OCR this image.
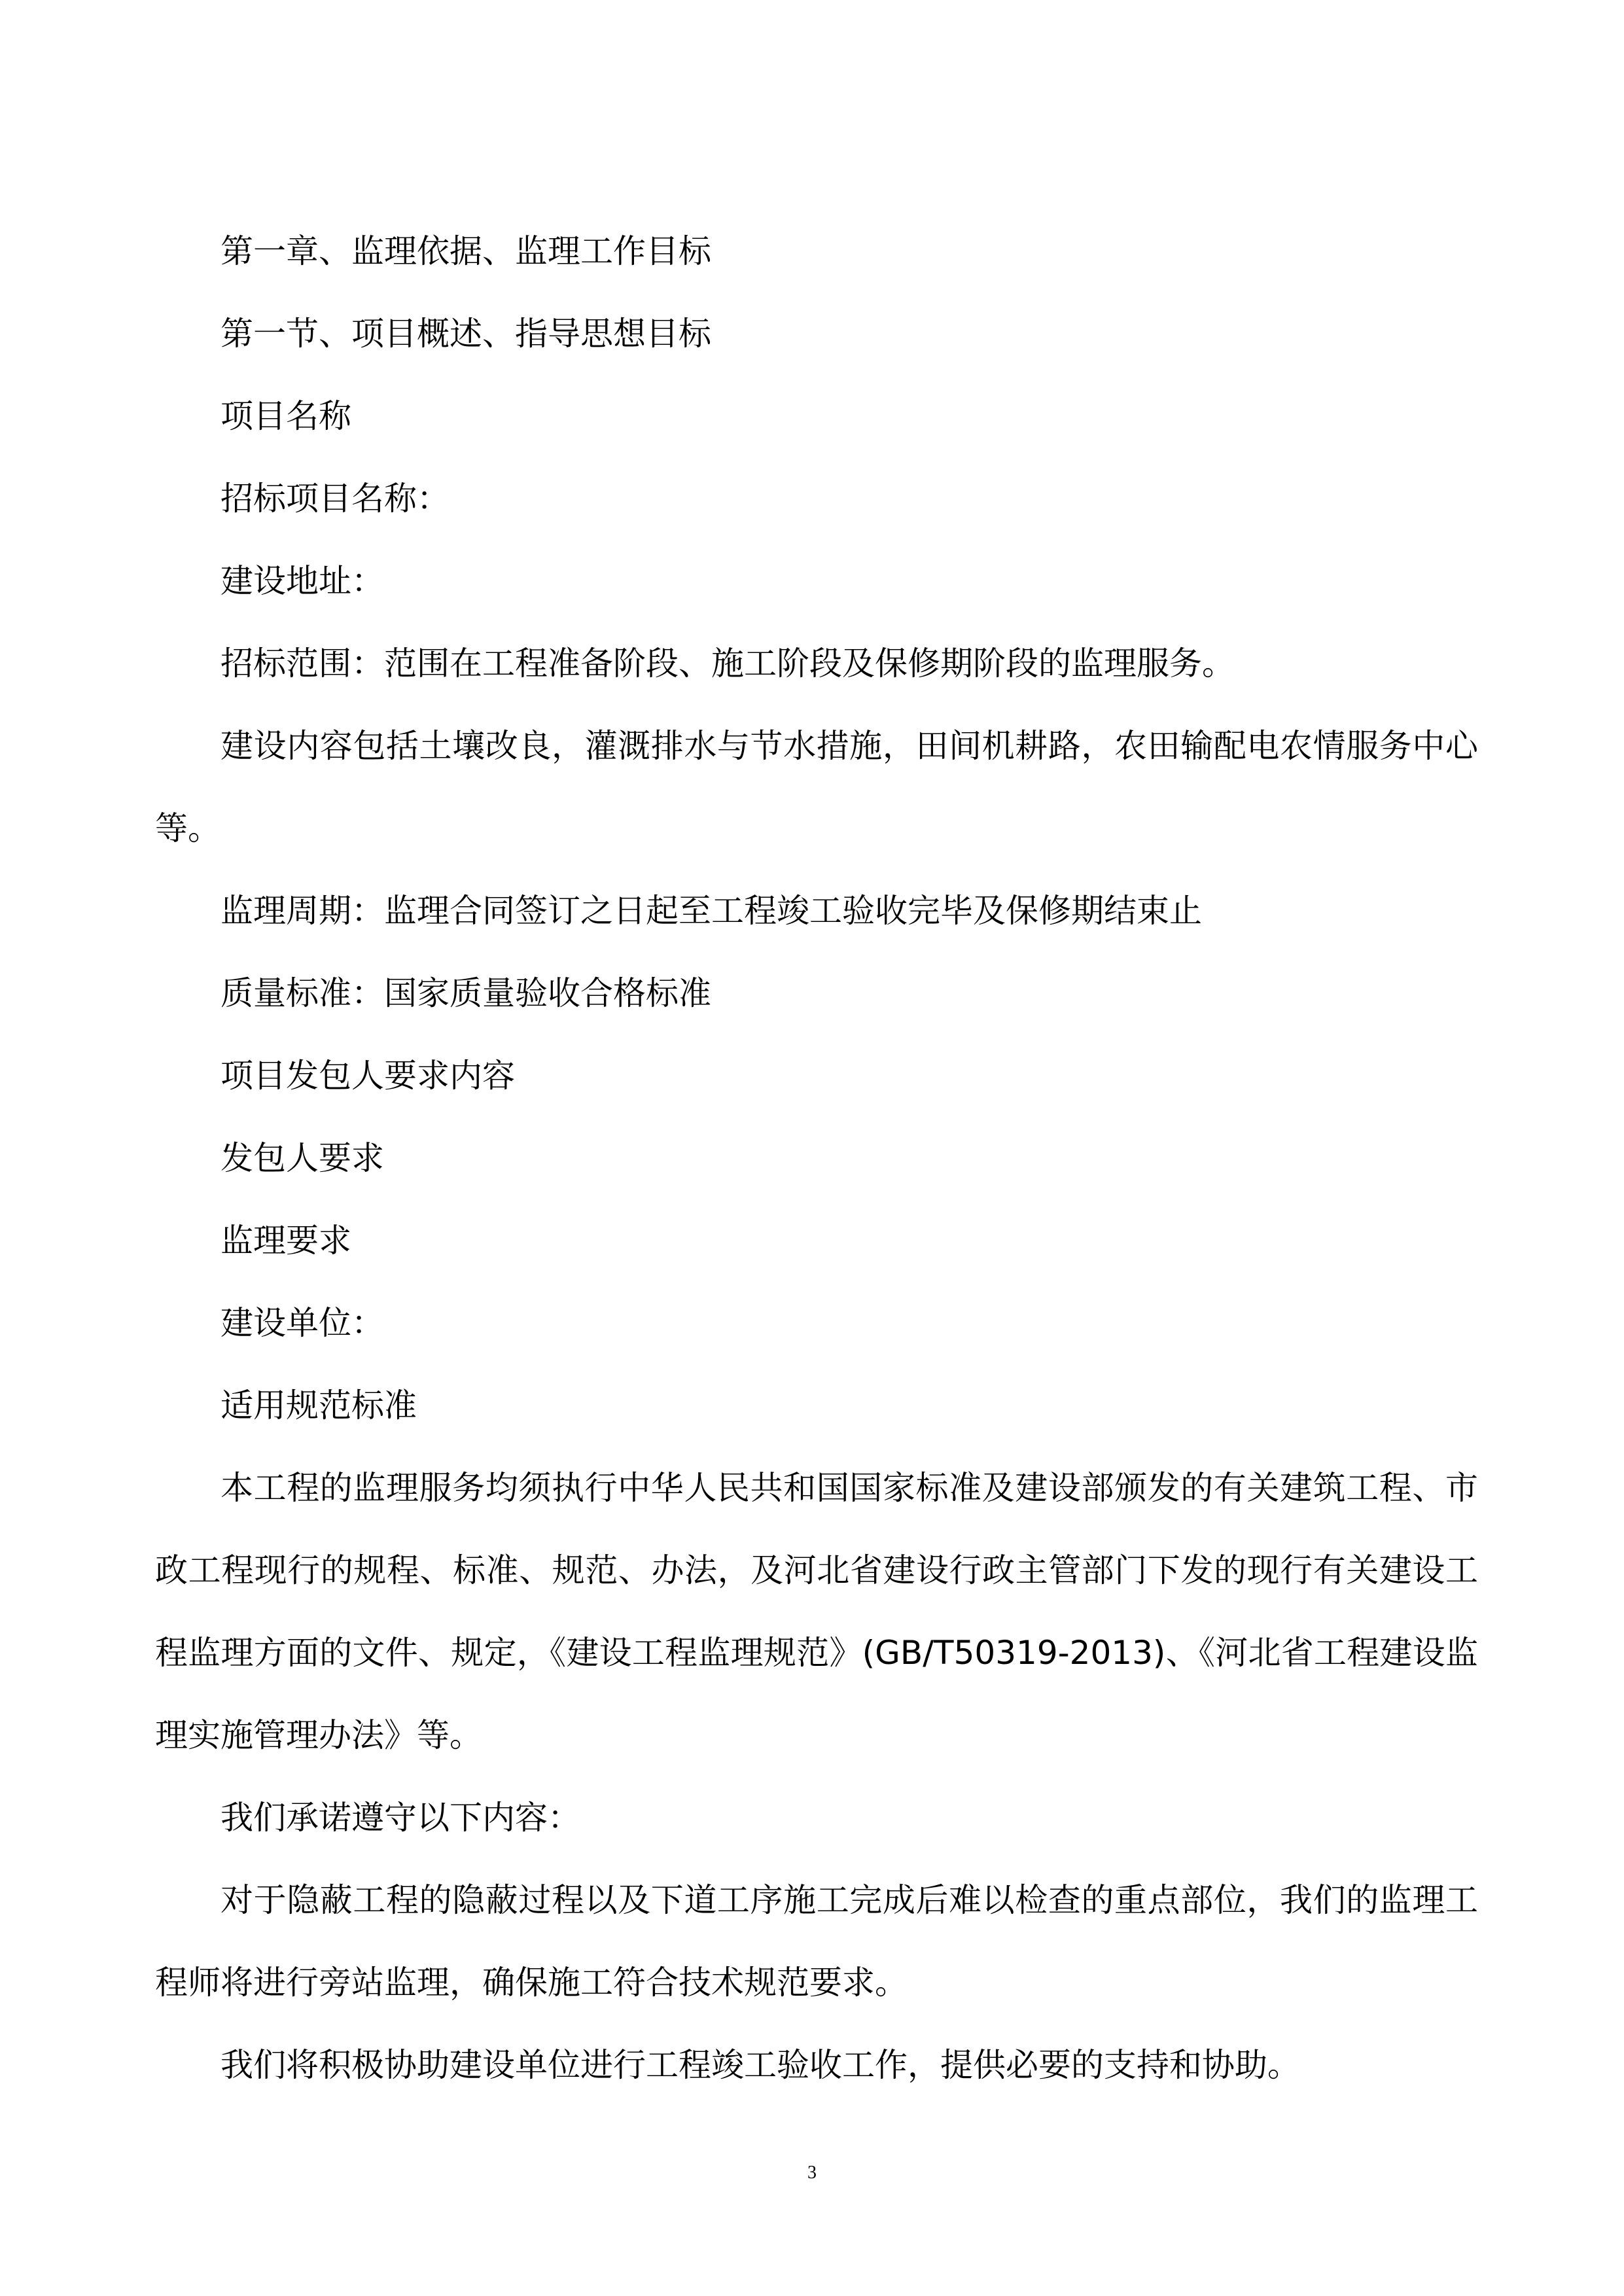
第一章、监理依据、监理工作目标

第一节、项目概述、指导思想目标

项目名称

招标项目名称：

建设地址：

招标范围：范围在工程准备阶段、施工阶段及保修期阶段的监理服务。

建设内容包括土壤改良，灌溉排水与节水措施，田间机耕路，农田输配电农情服务中心等。

监理周期：监理合同签订之日起至工程竣工验收完毕及保修期结束止

质量标准：国家质量验收合格标准

项目发包人要求内容

发包人要求

监理要求

建设单位：

适用规范标准

本工程的监理服务均须执行中华人民共和国国家标准及建设部颁发的有关建筑工程、市政工程现行的规程、标准、规范、办法，及河北省建设行政主管部门下发的现行有关建设工程监理方面的文件、规定，《建设工程监理规范》(GB/T50319-2013)、《河北省工程建设监理实施管理办法》等。

我们承诺遵守以下内容：

对于隐蔽工程的隐蔽过程以及下道工序施工完成后难以检查的重点部位，我们的监理工程师将进行旁站监理，确保施工符合技术规范要求。

我们将积极协助建设单位进行工程竣工验收工作，提供必要的支持和协助。

3
